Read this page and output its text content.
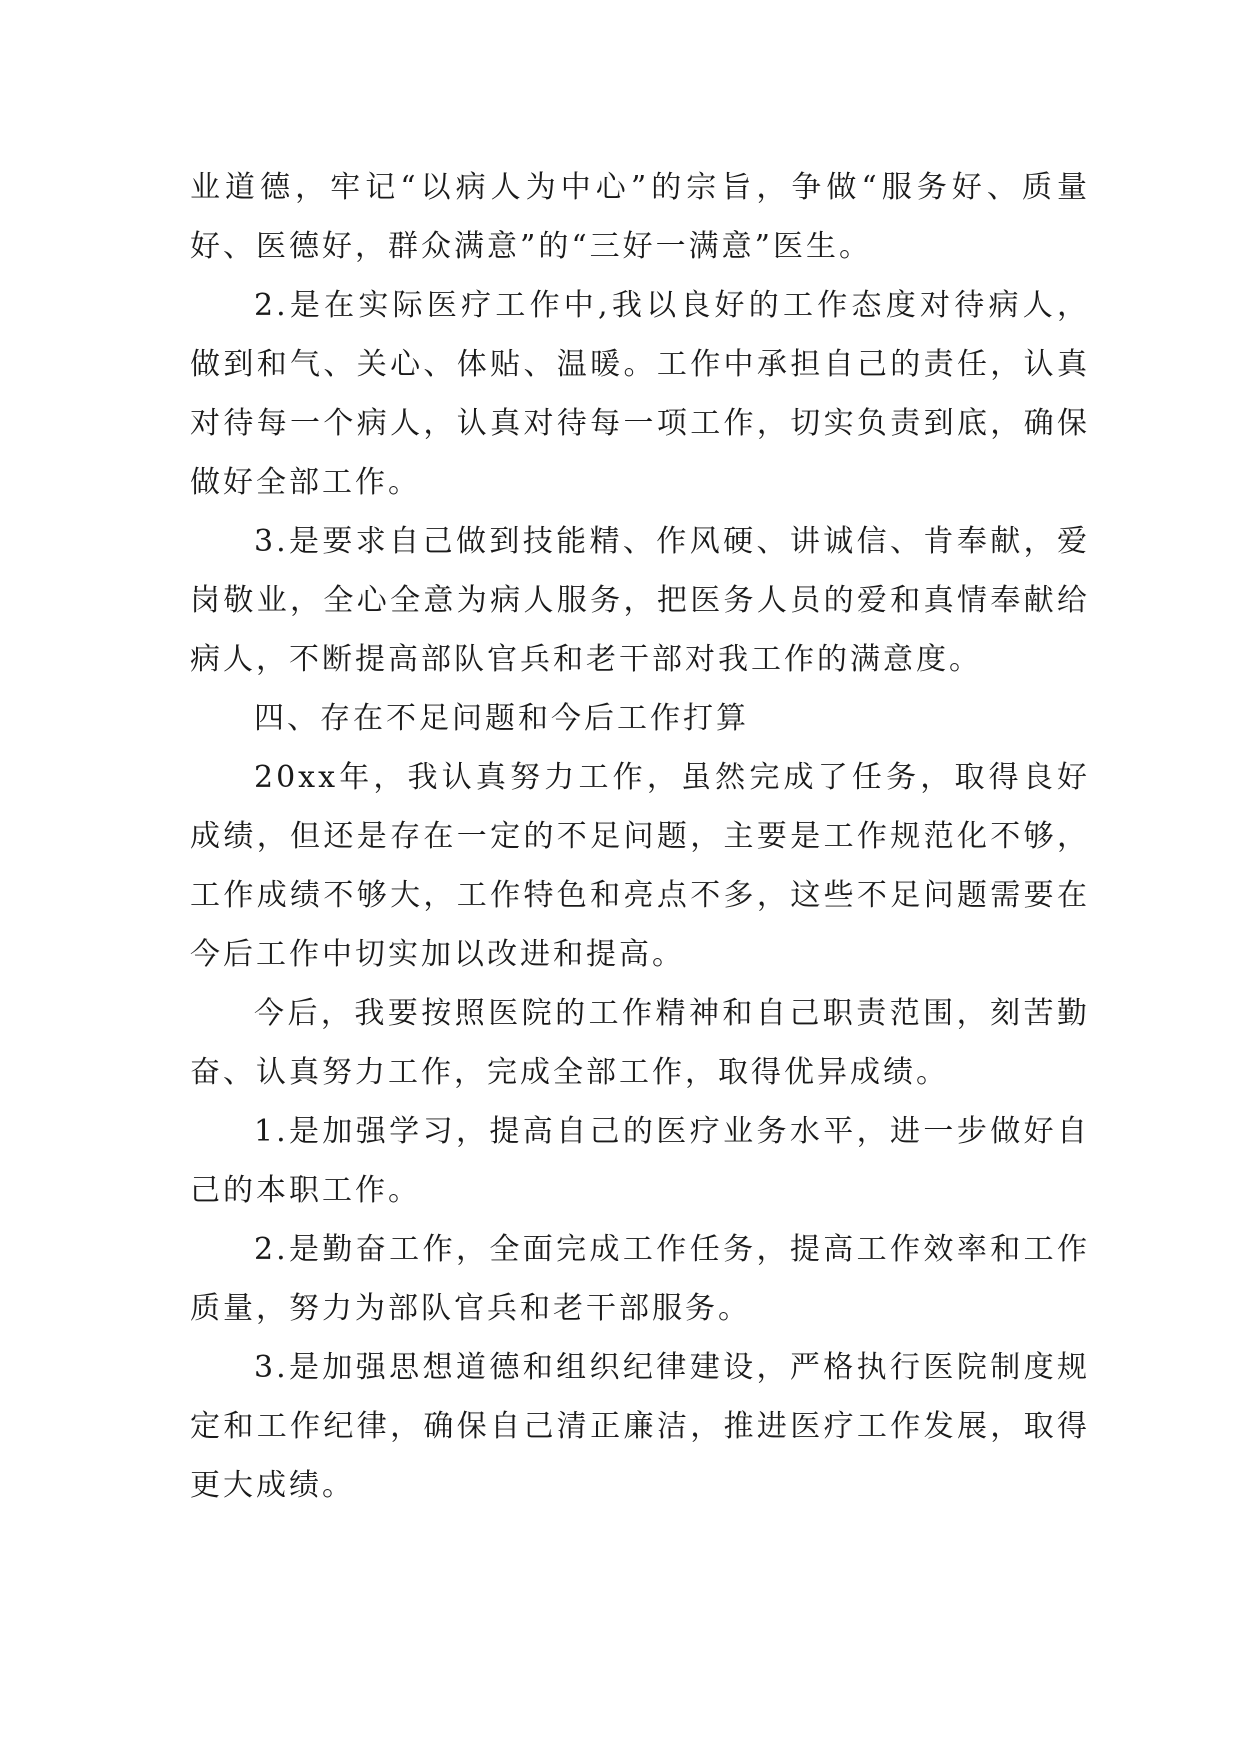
业道德，牢记“以病人为中心”的宗旨，争做“服务好、质量好、医德好，群众满意”的“三好一满意”医生。

2.是在实际医疗工作中,我以良好的工作态度对待病人，做到和气、关心、体贴、温暖。工作中承担自己的责任，认真对待每一个病人，认真对待每一项工作，切实负责到底，确保做好全部工作。

3.是要求自己做到技能精、作风硬、讲诚信、肯奉献，爱岗敬业，全心全意为病人服务，把医务人员的爱和真情奉献给病人，不断提高部队官兵和老干部对我工作的满意度。

四、存在不足问题和今后工作打算

20xx年，我认真努力工作，虽然完成了任务，取得良好成绩，但还是存在一定的不足问题，主要是工作规范化不够，工作成绩不够大，工作特色和亮点不多，这些不足问题需要在今后工作中切实加以改进和提高。

今后，我要按照医院的工作精神和自己职责范围，刻苦勤奋、认真努力工作，完成全部工作，取得优异成绩。

1.是加强学习，提高自己的医疗业务水平，进一步做好自己的本职工作。

2.是勤奋工作，全面完成工作任务，提高工作效率和工作质量，努力为部队官兵和老干部服务。

3.是加强思想道德和组织纪律建设，严格执行医院制度规定和工作纪律，确保自己清正廉洁，推进医疗工作发展，取得更大成绩。
